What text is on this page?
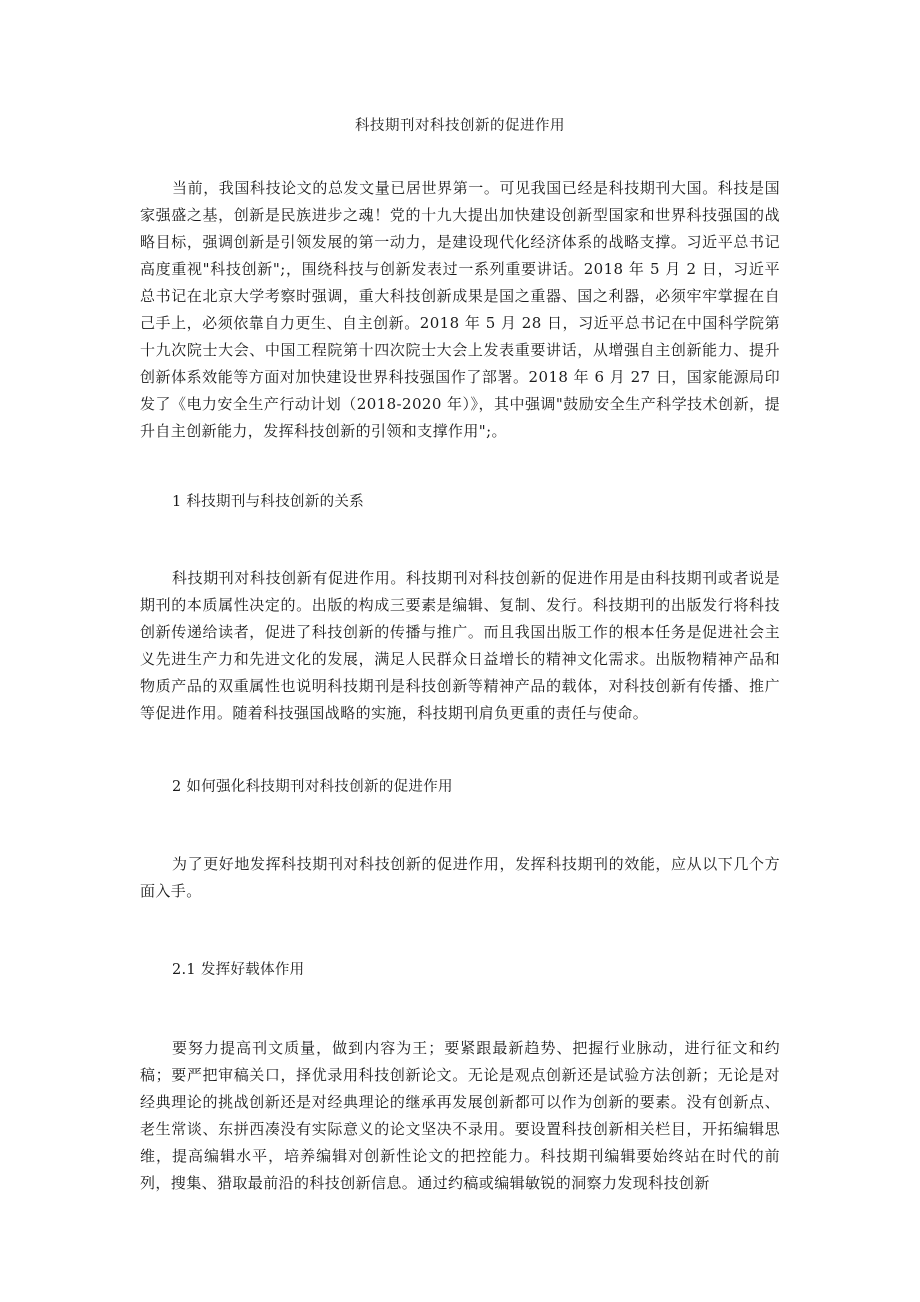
科技期刊对科技创新的促进作用

当前，我国科技论文的总发文量已居世界第一。可见我国已经是科技期刊大国。科技是国家强盛之基，创新是民族进步之魂！党的十九大提出加快建设创新型国家和世界科技强国的战略目标，强调创新是引领发展的第一动力，是建设现代化经济体系的战略支撑。习近平总书记高度重视"科技创新";，围绕科技与创新发表过一系列重要讲话。2018 年 5 月 2 日，习近平总书记在北京大学考察时强调，重大科技创新成果是国之重器、国之利器，必须牢牢掌握在自己手上，必须依靠自力更生、自主创新。2018 年 5 月 28 日，习近平总书记在中国科学院第十九次院士大会、中国工程院第十四次院士大会上发表重要讲话，从增强自主创新能力、提升创新体系效能等方面对加快建设世界科技强国作了部署。2018 年 6 月 27 日，国家能源局印发了《电力安全生产行动计划（2018-2020 年）》，其中强调"鼓励安全生产科学技术创新，提升自主创新能力，发挥科技创新的引领和支撑作用";。

1 科技期刊与科技创新的关系

科技期刊对科技创新有促进作用。科技期刊对科技创新的促进作用是由科技期刊或者说是期刊的本质属性决定的。出版的构成三要素是编辑、复制、发行。科技期刊的出版发行将科技创新传递给读者，促进了科技创新的传播与推广。而且我国出版工作的根本任务是促进社会主义先进生产力和先进文化的发展，满足人民群众日益增长的精神文化需求。出版物精神产品和物质产品的双重属性也说明科技期刊是科技创新等精神产品的载体，对科技创新有传播、推广等促进作用。随着科技强国战略的实施，科技期刊肩负更重的责任与使命。

2 如何强化科技期刊对科技创新的促进作用

为了更好地发挥科技期刊对科技创新的促进作用，发挥科技期刊的效能，应从以下几个方面入手。

2.1 发挥好载体作用

要努力提高刊文质量，做到内容为王；要紧跟最新趋势、把握行业脉动，进行征文和约稿；要严把审稿关口，择优录用科技创新论文。无论是观点创新还是试验方法创新；无论是对经典理论的挑战创新还是对经典理论的继承再发展创新都可以作为创新的要素。没有创新点、老生常谈、东拼西凑没有实际意义的论文坚决不录用。要设置科技创新相关栏目，开拓编辑思维，提高编辑水平，培养编辑对创新性论文的把控能力。科技期刊编辑要始终站在时代的前列，搜集、猎取最前沿的科技创新信息。通过约稿或编辑敏锐的洞察力发现科技创新
